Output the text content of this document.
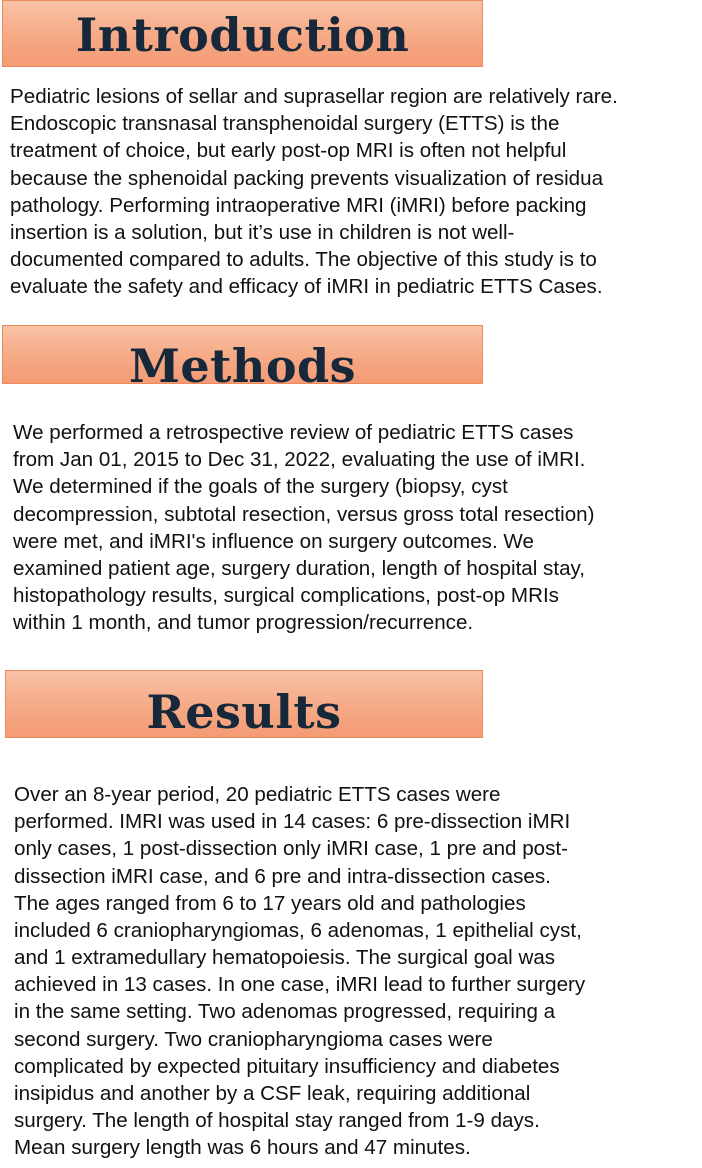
Introduction
Pediatric lesions of sellar and suprasellar region are relatively rare.
Endoscopic transnasal transphenoidal surgery (ETTS) is the
treatment of choice, but early post-op MRI is often not helpful
because the sphenoidal packing prevents visualization of residua
pathology. Performing intraoperative MRI (iMRI) before packing
insertion is a solution, but it’s use in children is not well-
documented compared to adults. The objective of this study is to
evaluate the safety and efficacy of iMRI in pediatric ETTS Cases.
Methods
We performed a retrospective review of pediatric ETTS cases
from Jan 01, 2015 to Dec 31, 2022, evaluating the use of iMRI.
We determined if the goals of the surgery (biopsy, cyst
decompression, subtotal resection, versus gross total resection)
were met, and iMRI's influence on surgery outcomes. We
examined patient age, surgery duration, length of hospital stay,
histopathology results, surgical complications, post-op MRIs
within 1 month, and tumor progression/recurrence.
Results
Over an 8-year period, 20 pediatric ETTS cases were
performed. IMRI was used in 14 cases: 6 pre-dissection iMRI
only cases, 1 post-dissection only iMRI case, 1 pre and post-
dissection iMRI case, and 6 pre and intra-dissection cases.
The ages ranged from 6 to 17 years old and pathologies
included 6 craniopharyngiomas, 6 adenomas, 1 epithelial cyst,
and 1 extramedullary hematopoiesis. The surgical goal was
achieved in 13 cases. In one case, iMRI lead to further surgery
in the same setting. Two adenomas progressed, requiring a
second surgery. Two craniopharyngioma cases were
complicated by expected pituitary insufficiency and diabetes
insipidus and another by a CSF leak, requiring additional
surgery. The length of hospital stay ranged from 1-9 days.
Mean surgery length was 6 hours and 47 minutes.
